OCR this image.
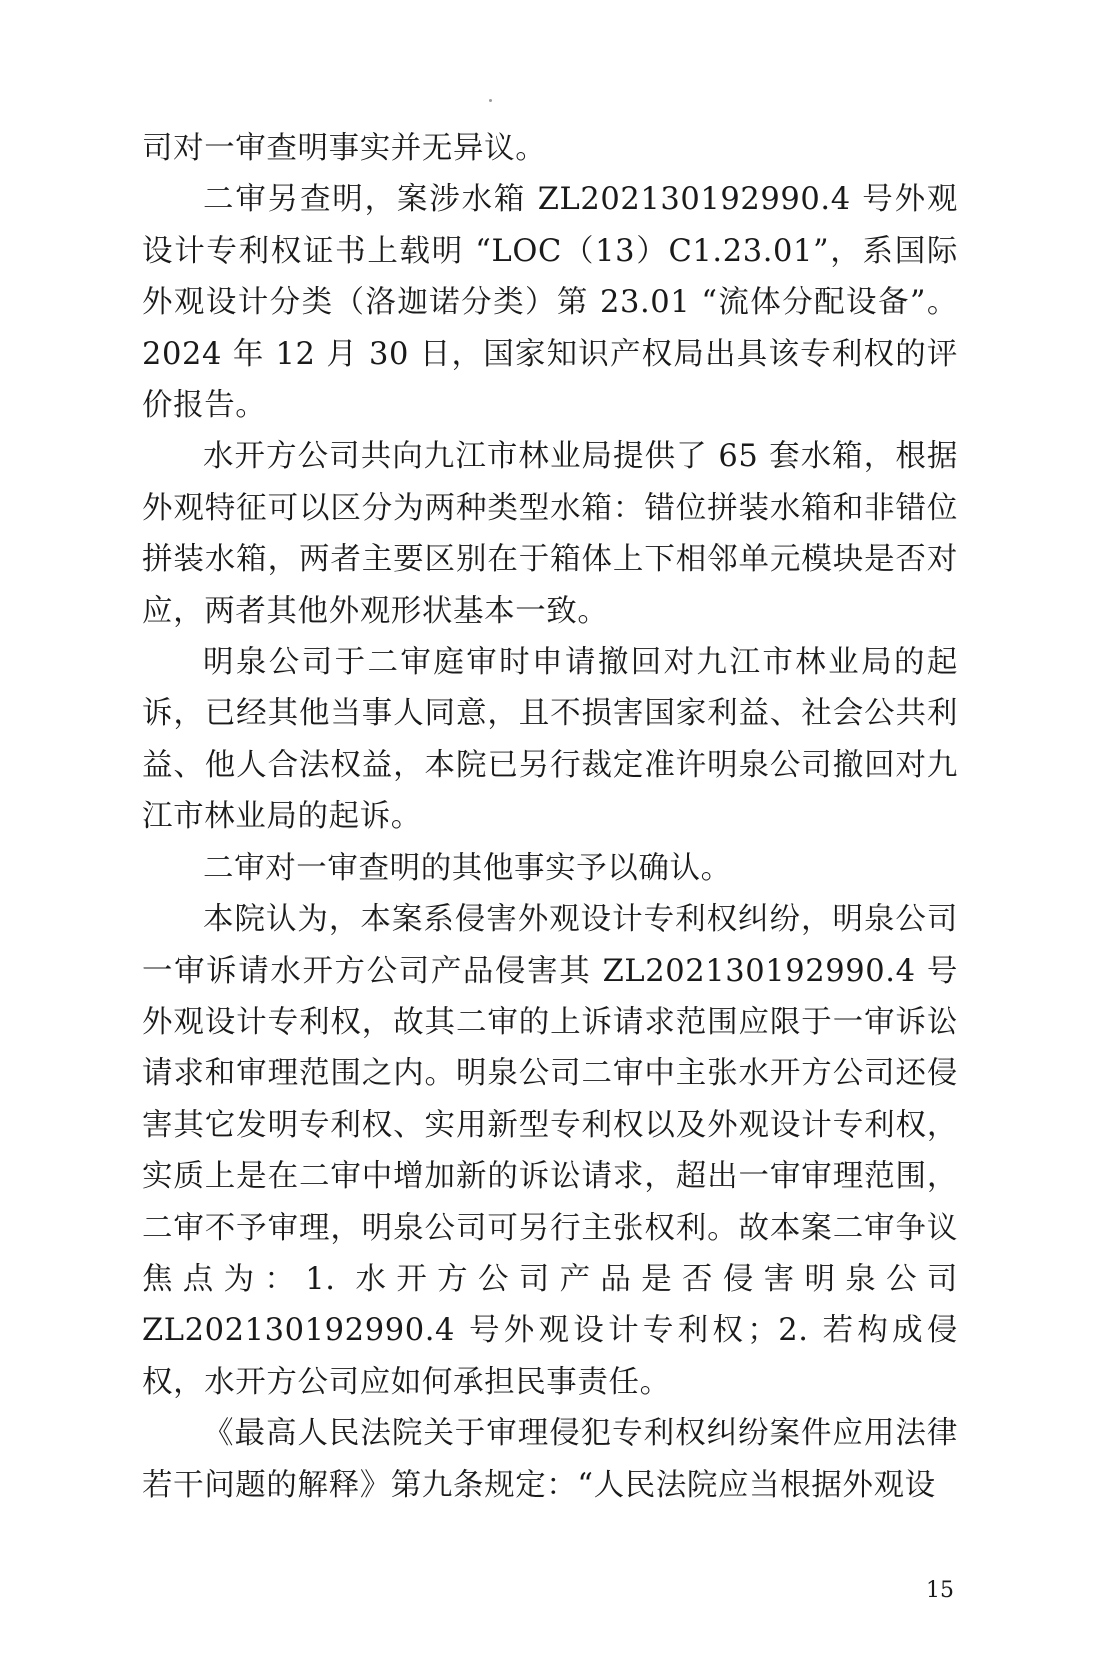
司对一审查明事实并无异议。

二审另查明，案涉水箱 ZL202130192990.4 号外观设计专利权证书上载明 “LOC（13）C1.23.01”，系国际外观设计分类（洛迦诺分类）第 23.01 “流体分配设备”。2024 年 12 月 30 日，国家知识产权局出具该专利权的评价报告。

水开方公司共向九江市林业局提供了 65 套水箱，根据外观特征可以区分为两种类型水箱：错位拼装水箱和非错位拼装水箱，两者主要区别在于箱体上下相邻单元模块是否对应，两者其他外观形状基本一致。

明泉公司于二审庭审时申请撤回对九江市林业局的起诉，已经其他当事人同意，且不损害国家利益、社会公共利益、他人合法权益，本院已另行裁定准许明泉公司撤回对九江市林业局的起诉。

二审对一审查明的其他事实予以确认。

本院认为，本案系侵害外观设计专利权纠纷，明泉公司一审诉请水开方公司产品侵害其 ZL202130192990.4 号外观设计专利权，故其二审的上诉请求范围应限于一审诉讼请求和审理范围之内。明泉公司二审中主张水开方公司还侵害其它发明专利权、实用新型专利权以及外观设计专利权，实质上是在二审中增加新的诉讼请求，超出一审审理范围，二审不予审理，明泉公司可另行主张权利。故本案二审争议焦点为：1. 水开方公司产品是否侵害明泉公司 ZL202130192990.4 号外观设计专利权；2. 若构成侵权，水开方公司应如何承担民事责任。

《最高人民法院关于审理侵犯专利权纠纷案件应用法律若干问题的解释》第九条规定：“人民法院应当根据外观设

15
